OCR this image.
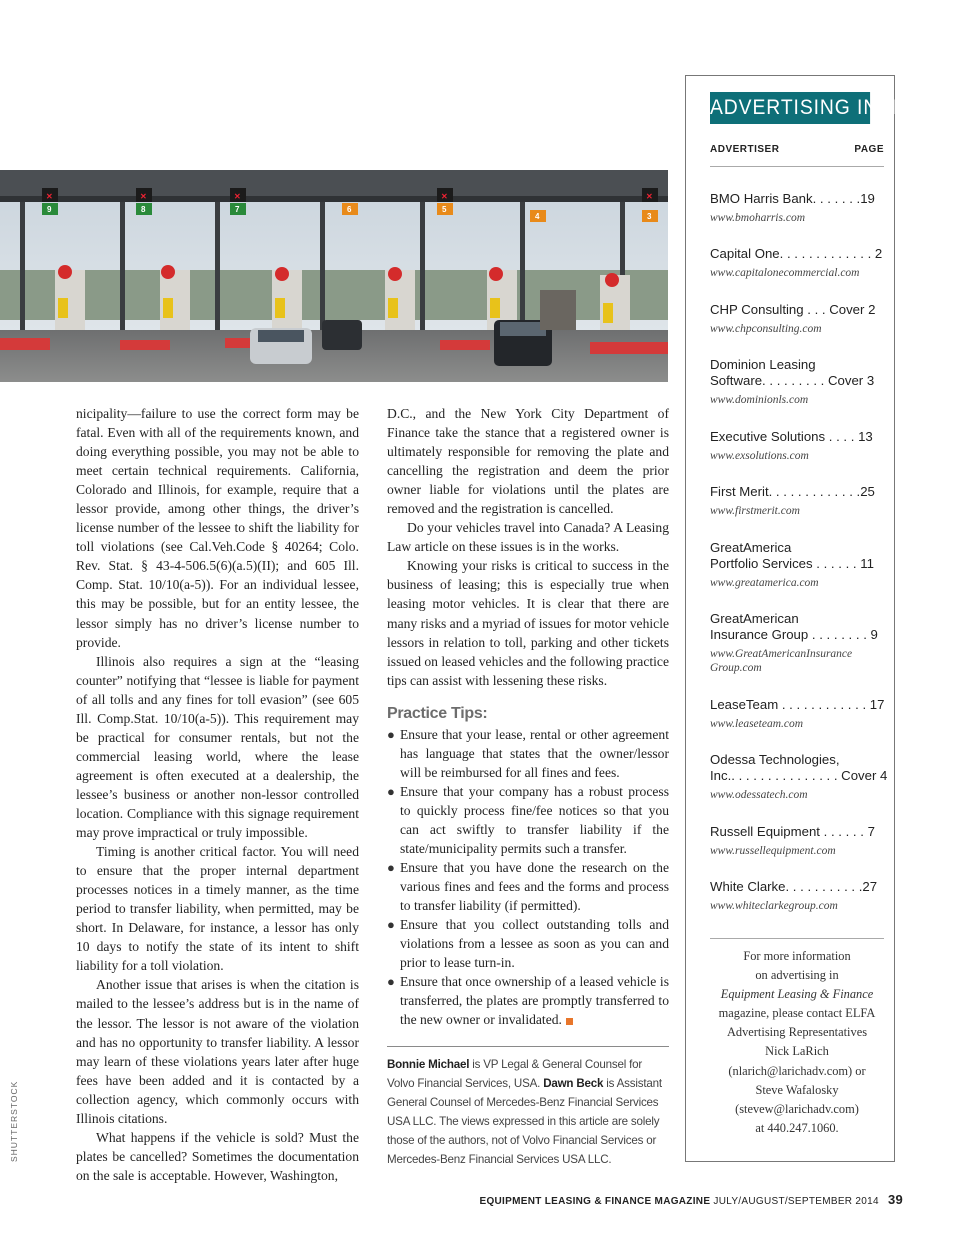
✕
9
✕
8
✕
7	6
✕
5
4
✕
3

nicipality—failure to use the correct form may be fatal. Even with all of the requirements known, and doing everything possible, you may not be able to meet certain technical requirements. California, Colorado and Illinois, for example, require that a lessor provide, among other things, the driver’s license number of the lessee to shift the liability for toll violations (see Cal.Veh.Code § 40264; Colo. Rev. Stat. § 43-4-506.5(6)(a.5)(II); and 605 Ill. Comp. Stat. 10/10(a-5)). For an individual lessee, this may be possible, but for an entity lessee, the lessor simply has no driver’s license number to provide.

Illinois also requires a sign at the “leasing counter” notifying that “lessee is liable for payment of all tolls and any fines for toll evasion” (see 605 Ill. Comp.Stat. 10/10(a-5)). This requirement may be practical for consumer rentals, but not the commercial leasing world, where the lease agreement is often executed at a dealership, the lessee’s business or another non-lessor controlled location. Compliance with this signage requirement may prove impractical or truly impossible.

Timing is another critical factor. You will need to ensure that the proper internal department processes notices in a timely manner, as the time period to transfer liability, when permitted, may be short. In Delaware, for instance, a lessor has only 10 days to notify the state of its intent to shift liability for a toll violation.

Another issue that arises is when the citation is mailed to the lessee’s address but is in the name of the lessor. The lessor is not aware of the violation and has no opportunity to transfer liability. A lessor may learn of these violations years later after huge fees have been added and it is contacted by a collection agency, which commonly occurs with Illinois citations.

What happens if the vehicle is sold? Must the plates be cancelled? Sometimes the documentation on the sale is acceptable. However, Washington,

D.C., and the New York City Department of Finance take the stance that a registered owner is ultimately responsible for removing the plate and cancelling the registration and deem the prior owner liable for violations until the plates are removed and the registration is cancelled.

Do your vehicles travel into Canada? A Leasing Law article on these issues is in the works.

Knowing your risks is critical to success in the business of leasing; this is especially true when leasing motor vehicles. It is clear that there are many risks and a myriad of issues for motor vehicle lessors in relation to toll, parking and other tickets issued on leased vehicles and the following practice tips can assist with lessening these risks.

Practice Tips:
● Ensure that your lease, rental or other agreement has language that states that the owner/lessor will be reimbursed for all fines and fees.
● Ensure that your company has a robust process to quickly process fine/fee notices so that you can act swiftly to transfer liability if the state/municipality permits such a transfer.
● Ensure that you have done the research on the various fines and fees and the forms and process to transfer liability (if permitted).
● Ensure that you collect outstanding tolls and violations from a lessee as soon as you can and prior to lease turn-in.
● Ensure that once ownership of a leased vehicle is transferred, the plates are promptly transferred to the new owner or invalidated.
Bonnie Michael is VP Legal & General Counsel for Volvo Financial Services, USA. Dawn Beck is Assistant General Counsel of Mercedes-Benz Financial Services USA LLC. The views expressed in this article are solely those of the authors, not of Volvo Financial Services or Mercedes-Benz Financial Services USA LLC.
ADVERTISING INDEX
ADVERTISER	PAGE
BMO Harris Bank. . . . . . .19
www.bmoharris.com
Capital One. . . . . . . . . . . . . 2
www.capitalonecommercial.com
CHP Consulting . . . Cover 2
www.chpconsulting.com
Dominion Leasing
Software. . . . . . . . . Cover 3
www.dominionls.com
Executive Solutions . . . . 13
www.exsolutions.com
First Merit. . . . . . . . . . . . .25
www.firstmerit.com
GreatAmerica
Portfolio Services . . . . . . 11
www.greatamerica.com
GreatAmerican
Insurance Group . . . . . . . . 9
www.GreatAmericanInsurance Group.com
LeaseTeam . . . . . . . . . . . . 17
www.leaseteam.com
Odessa Technologies,
Inc.. . . . . . . . . . . . . . . Cover 4
www.odessatech.com
Russell Equipment . . . . . . 7
www.russellequipment.com
White Clarke. . . . . . . . . . .27
www.whiteclarkegroup.com
For more information
on advertising in
Equipment Leasing & Finance
magazine, please contact ELFA
Advertising Representatives
Nick LaRich
(nlarich@larichadv.com) or
Steve Wafalosky
(stevew@larichadv.com)
at 440.247.1060.
SHUTTERSTOCK
EQUIPMENT LEASING & FINANCE MAGAZINE JULY/AUGUST/SEPTEMBER 2014 39
